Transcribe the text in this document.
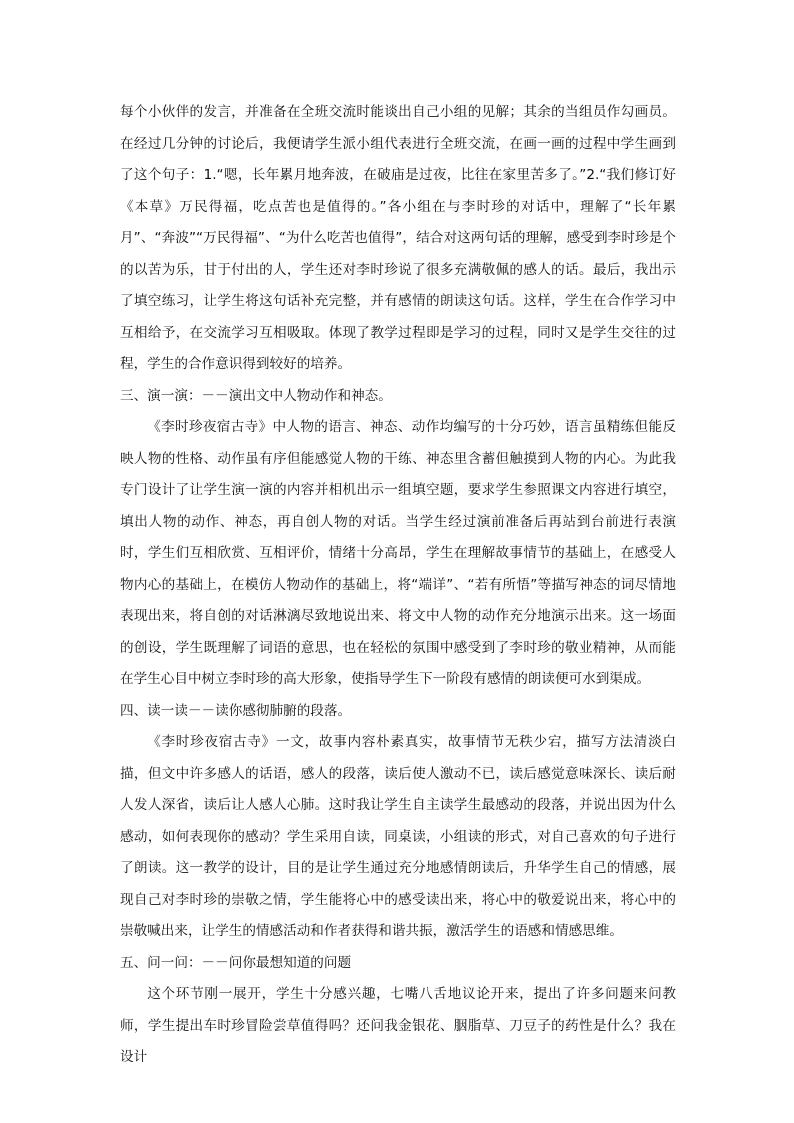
每个小伙伴的发言，并准备在全班交流时能谈出自己小组的见解；其余的当组员作勾画员。在经过几分钟的讨论后，我便请学生派小组代表进行全班交流，在画一画的过程中学生画到了这个句子：1.“嗯，长年累月地奔波，在破庙是过夜，比往在家里苦多了。”2.“我们修订好《本草》万民得福，吃点苦也是值得的。”各小组在与李时珍的对话中，理解了“长年累月”、“奔波”“万民得福”、“为什么吃苦也值得”，结合对这两句话的理解，感受到李时珍是个的以苦为乐，甘于付出的人，学生还对李时珍说了很多充满敬佩的感人的话。最后，我出示了填空练习，让学生将这句话补充完整，并有感情的朗读这句话。这样，学生在合作学习中互相给予，在交流学习互相吸取。体现了教学过程即是学习的过程，同时又是学生交往的过程，学生的合作意识得到较好的培养。

三、演一演：－－演出文中人物动作和神态。

《李时珍夜宿古寺》中人物的语言、神态、动作均编写的十分巧妙，语言虽精练但能反映人物的性格、动作虽有序但能感觉人物的干练、神态里含蓄但触摸到人物的内心。为此我专门设计了让学生演一演的内容并相机出示一组填空题，要求学生参照课文内容进行填空，填出人物的动作、神态，再自创人物的对话。当学生经过演前准备后再站到台前进行表演时，学生们互相欣赏、互相评价，情绪十分高昂，学生在理解故事情节的基础上，在感受人物内心的基础上，在模仿人物动作的基础上，将“端详”、“若有所悟”等描写神态的词尽情地表现出来，将自创的对话淋漓尽致地说出来、将文中人物的动作充分地演示出来。这一场面的创设，学生既理解了词语的意思，也在轻松的氛围中感受到了李时珍的敬业精神，从而能在学生心目中树立李时珍的高大形象，使指导学生下一阶段有感情的朗读便可水到渠成。

四、读一读－－读你感彻肺腑的段落。

《李时珍夜宿古寺》一文，故事内容朴素真实，故事情节无秩少宕，描写方法清淡白描，但文中许多感人的话语，感人的段落，读后使人激动不已，读后感觉意味深长、读后耐人发人深省，读后让人感人心肺。这时我让学生自主读学生最感动的段落，并说出因为什么感动，如何表现你的感动？学生采用自读，同桌读，小组读的形式，对自己喜欢的句子进行了朗读。这一教学的设计，目的是让学生通过充分地感情朗读后，升华学生自己的情感，展现自己对李时珍的崇敬之情，学生能将心中的感受读出来，将心中的敬爱说出来，将心中的崇敬喊出来，让学生的情感活动和作者获得和谐共振，激活学生的语感和情感思维。

五、问一问：－－问你最想知道的问题

这个环节刚一展开，学生十分感兴趣，七嘴八舌地议论开来，提出了许多问题来问教师，学生提出车时珍冒险尝草值得吗？还问我金银花、胭脂草、刀豆子的药性是什么？我在设计
